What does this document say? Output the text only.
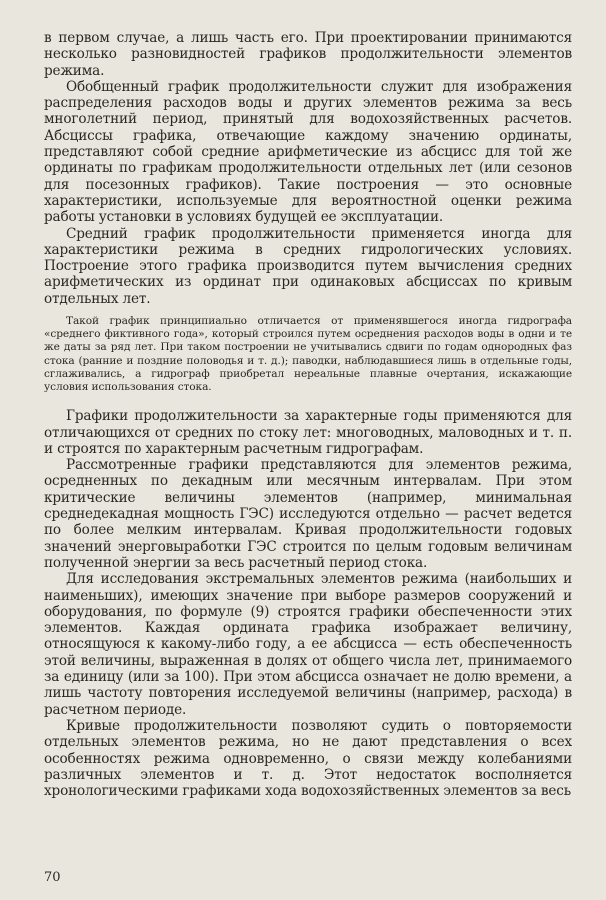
в первом случае, а лишь часть его. При проектировании принимаются несколько разновидностей графиков продолжительности элементов режима.

Обобщенный график продолжительности служит для изображения распределения расходов воды и других элементов режима за весь многолетний период, принятый для водохозяйственных расчетов. Абсциссы графика, отвечающие каждому значению ординаты, представляют собой средние арифметические из абсцисс для той же ординаты по графикам продолжительности отдельных лет (или сезонов для посезонных графиков). Такие построения — это основные характеристики, используемые для вероятностной оценки режима работы установки в условиях будущей ее эксплуатации.

Средний график продолжительности применяется иногда для характеристики режима в средних гидрологических условиях. Построение этого графика производится путем вычисления средних арифметических из ординат при одинаковых абсциссах по кривым отдельных лет.

Такой график принципиально отличается от применявшегося иногда гидрографа «среднего фиктивного года», который строился путем осреднения расходов воды в одни и те же даты за ряд лет. При таком построении не учитывались сдвиги по годам однородных фаз стока (ранние и поздние половодья и т. д.); паводки, наблюдавшиеся лишь в отдельные годы, сглаживались, а гидрограф приобретал нереальные плавные очертания, искажающие условия использования стока.

Графики продолжительности за характерные годы применяются для отличающихся от средних по стоку лет: многоводных, маловодных и т. п. и строятся по характерным расчетным гидрографам.

Рассмотренные графики представляются для элементов режима, осредненных по декадным или месячным интервалам. При этом критические величины элементов (например, минимальная среднедекадная мощность ГЭС) исследуются отдельно — расчет ведется по более мелким интервалам. Кривая продолжительности годовых значений энерговыработки ГЭС строится по целым годовым величинам полученной энергии за весь расчетный период стока.

Для исследования экстремальных элементов режима (наибольших и наименьших), имеющих значение при выборе размеров сооружений и оборудования, по формуле (9) строятся графики обеспеченности этих элементов. Каждая ордината графика изображает величину, относящуюся к какому-либо году, а ее абсцисса — есть обеспеченность этой величины, выраженная в долях от общего числа лет, принимаемого за единицу (или за 100). При этом абсцисса означает не долю времени, а лишь частоту повторения исследуемой величины (например, расхода) в расчетном периоде.

Кривые продолжительности позволяют судить о повторяемости отдельных элементов режима, но не дают представления о всех особенностях режима одновременно, о связи между колебаниями различных элементов и т. д. Этот недостаток восполняется хронологическими графиками хода водохозяйственных элементов за весь

70
